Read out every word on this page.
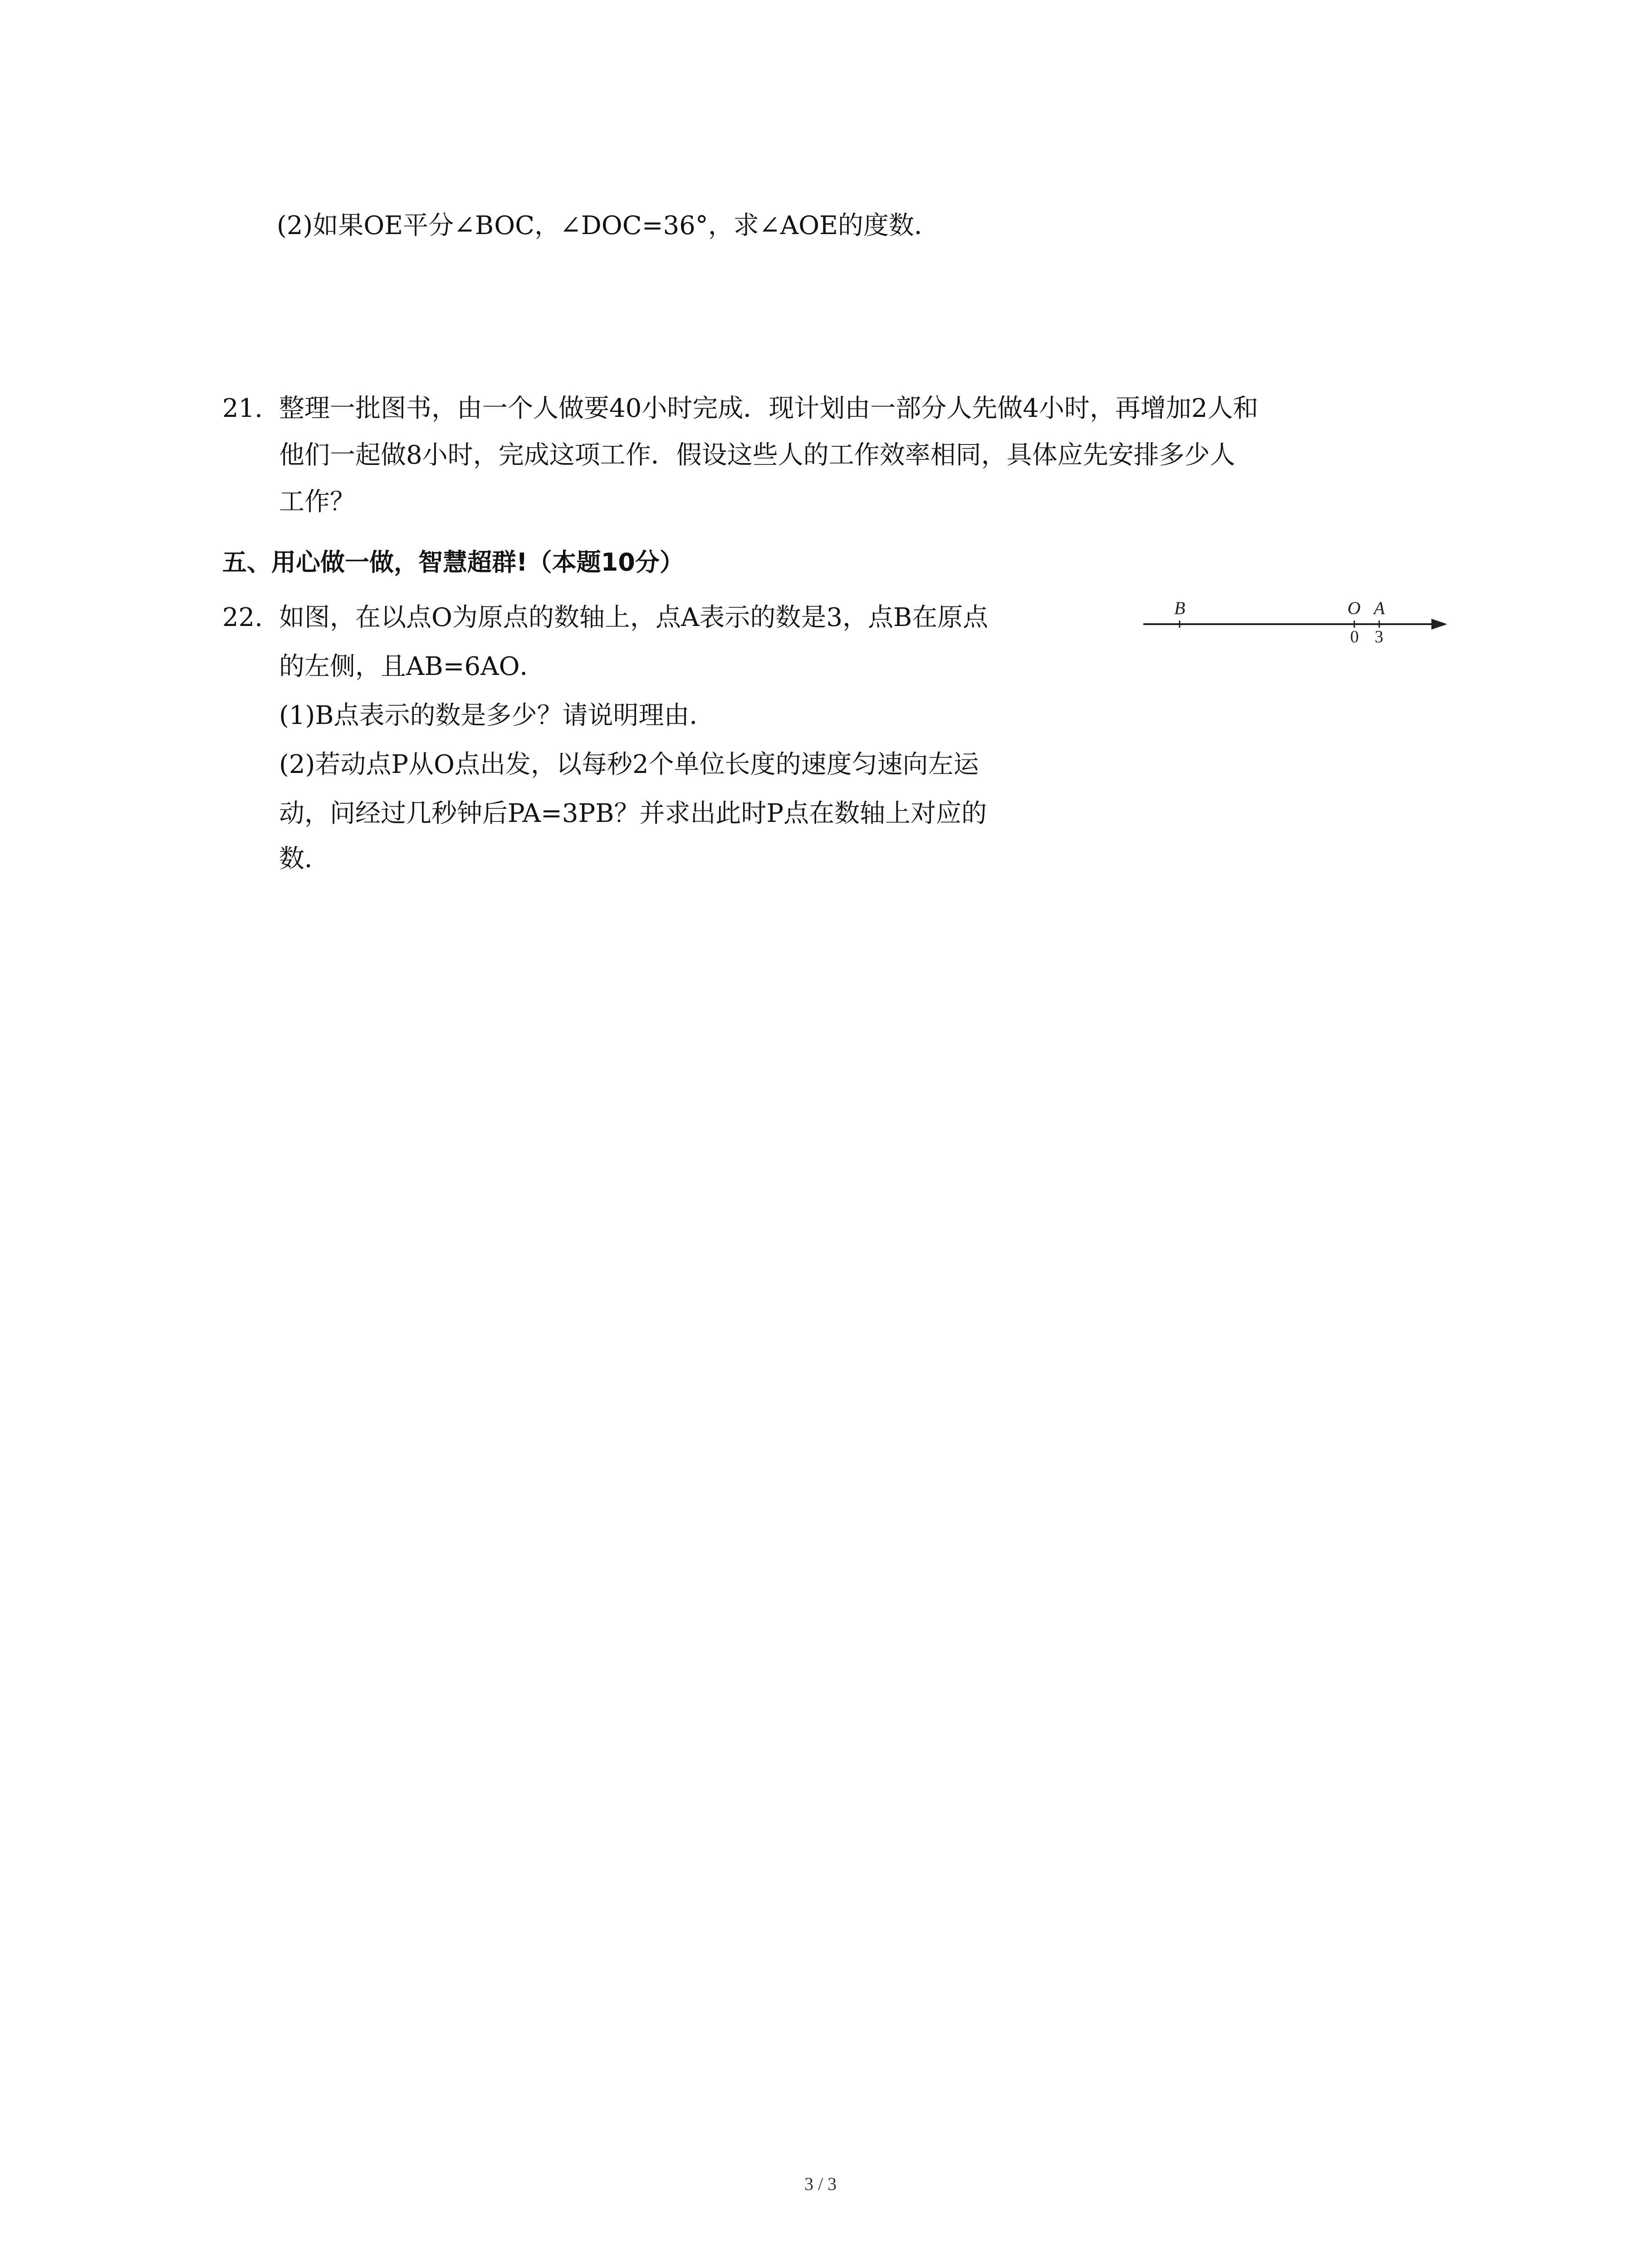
(2)如果OE平分∠BOC，∠DOC=36°，求∠AOE的度数．
21. 整理一批图书，由一个人做要40小时完成．现计划由一部分人先做4小时，再增加2人和
他们一起做8小时，完成这项工作．假设这些人的工作效率相同，具体应先安排多少人
工作？
五、用心做一做，智慧超群!（本题10分）
22. 如图，在以点O为原点的数轴上，点A表示的数是3，点B在原点
的左侧，且AB=6AO．
(1)B点表示的数是多少？请说明理由．
(2)若动点P从O点出发，以每秒2个单位长度的速度匀速向左运
动，问经过几秒钟后PA=3PB？并求出此时P点在数轴上对应的
数．
B	O A
0 3
3 / 3
